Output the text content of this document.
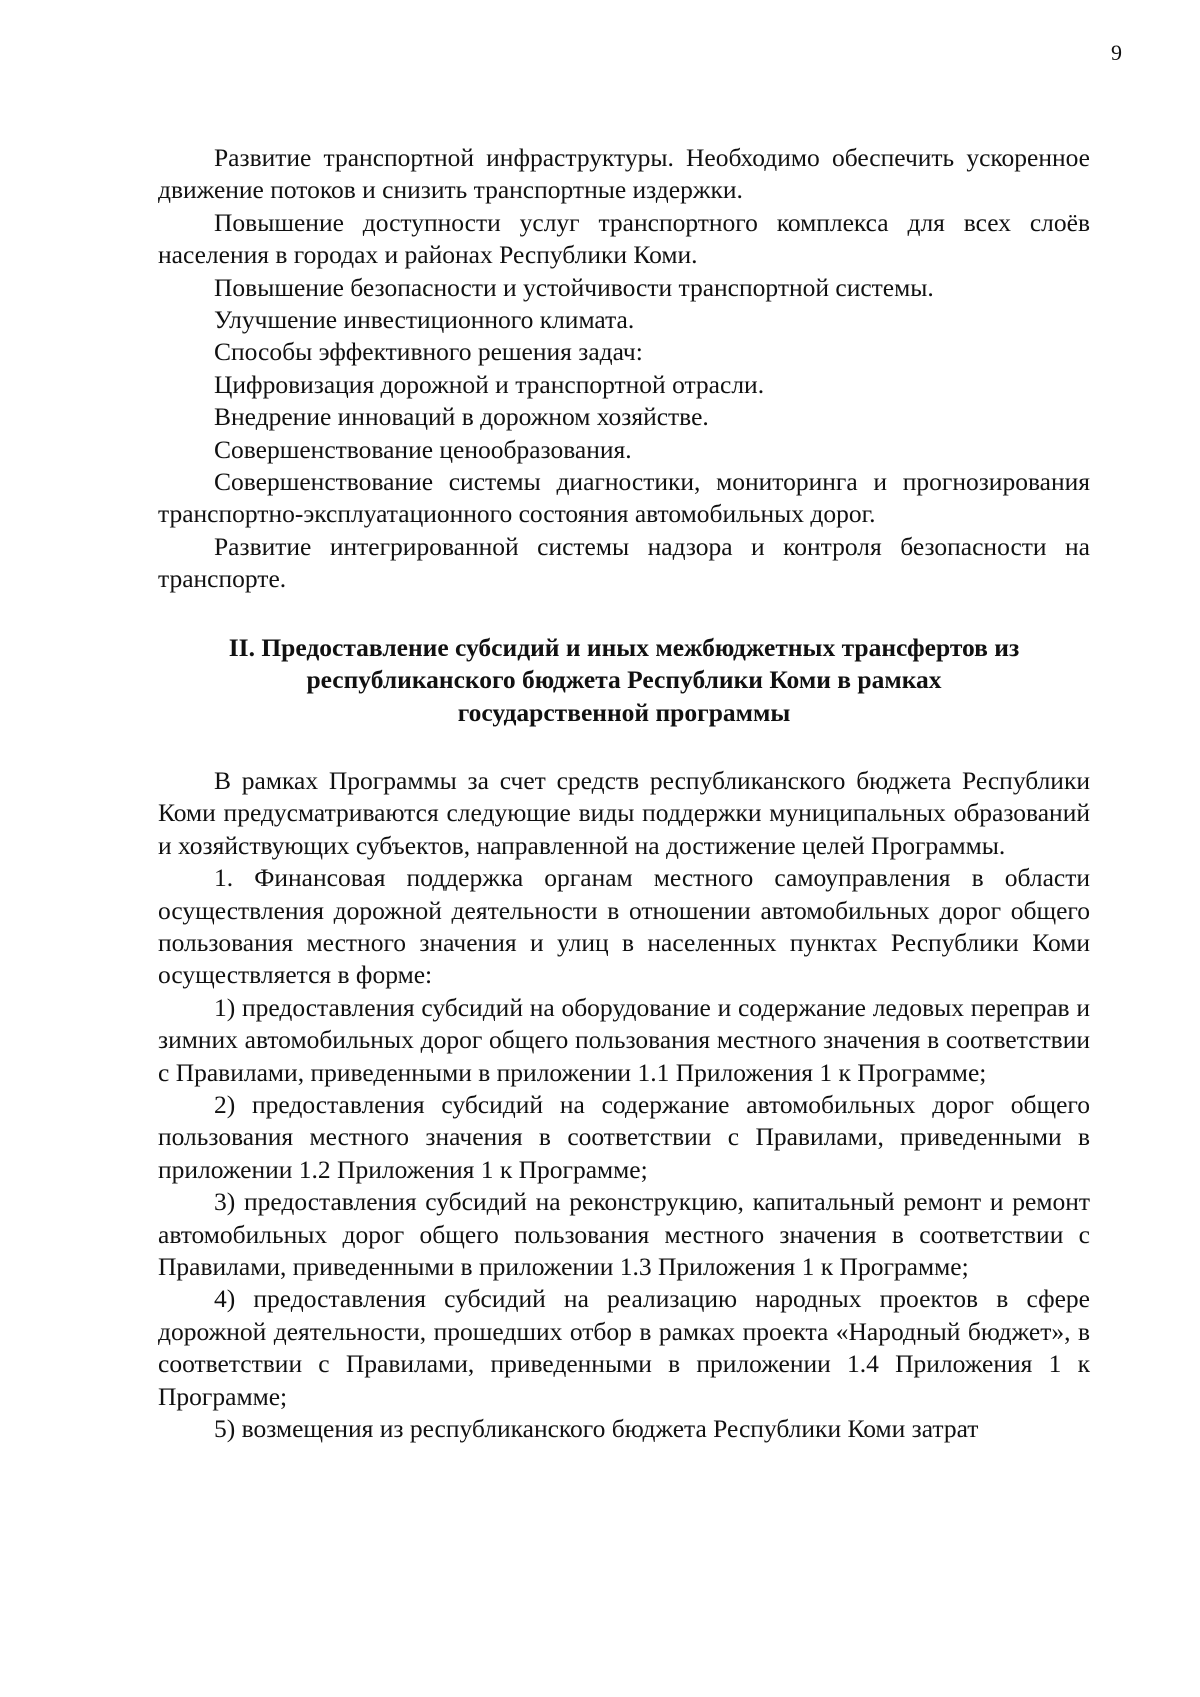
9

Развитие транспортной инфраструктуры. Необходимо обеспечить ускоренное движение потоков и снизить транспортные издержки.

Повышение доступности услуг транспортного комплекса для всех слоёв населения в городах и районах Республики Коми.

Повышение безопасности и устойчивости транспортной системы.

Улучшение инвестиционного климата.

Способы эффективного решения задач:

Цифровизация дорожной и транспортной отрасли.

Внедрение инноваций в дорожном хозяйстве.

Совершенствование ценообразования.

Совершенствование системы диагностики, мониторинга и прогнозирования транспортно-эксплуатационного состояния автомобильных дорог.

Развитие интегрированной системы надзора и контроля безопасности на транспорте.

II. Предоставление субсидий и иных межбюджетных трансфертов из
республиканского бюджета Республики Коми в рамках
государственной программы

В рамках Программы за счет средств республиканского бюджета Республики Коми предусматриваются следующие виды поддержки муниципальных образований и хозяйствующих субъектов, направленной на достижение целей Программы.

1. Финансовая поддержка органам местного самоуправления в области осуществления дорожной деятельности в отношении автомобильных дорог общего пользования местного значения и улиц в населенных пунктах Республики Коми осуществляется в форме:

1) предоставления субсидий на оборудование и содержание ледовых переправ и зимних автомобильных дорог общего пользования местного значения в соответствии с Правилами, приведенными в приложении 1.1 Приложения 1 к Программе;

2) предоставления субсидий на содержание автомобильных дорог общего пользования местного значения в соответствии с Правилами, приведенными в приложении 1.2 Приложения 1 к Программе;

3) предоставления субсидий на реконструкцию, капитальный ремонт и ремонт автомобильных дорог общего пользования местного значения в соответствии с Правилами, приведенными в приложении 1.3 Приложения 1 к Программе;

4) предоставления субсидий на реализацию народных проектов в сфере дорожной деятельности, прошедших отбор в рамках проекта «Народный бюджет», в соответствии с Правилами, приведенными в приложении 1.4 Приложения 1 к Программе;

5) возмещения из республиканского бюджета Республики Коми затрат
